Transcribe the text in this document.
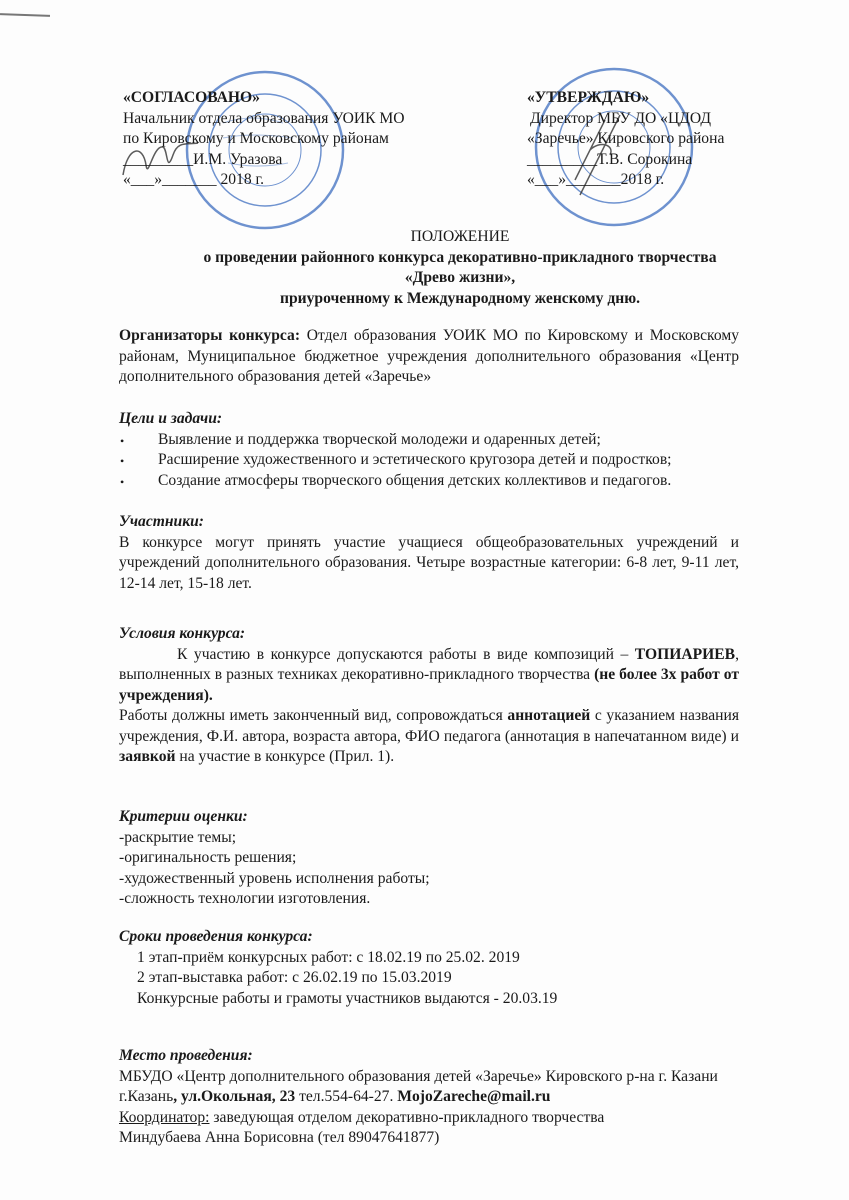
«СОГЛАСОВАНО»
Начальник отдела образования УОИК МО
по Кировскому и Московскому районам
_________И.М. Уразова
«___»_______ 2018 г.
«УТВЕРЖДАЮ»
Директор МБУ ДО «ЦДОД
«Заречье» Кировского района
_________Т.В. Сорокина
«___»_______2018 г.
ПОЛОЖЕНИЕ
о проведении районного конкурса декоративно-прикладного творчества
«Древо жизни»,
приуроченному к Международному женскому дню.
Организаторы конкурса: Отдел образования УОИК МО по Кировскому и Московскому районам, Муниципальное бюджетное учреждения дополнительного образования «Центр дополнительного образования детей «Заречье»
Цели и задачи:
• Выявление и поддержка творческой молодежи и одаренных детей;
• Расширение художественного и эстетического кругозора детей и подростков;
• Создание атмосферы творческого общения детских коллективов и педагогов.
Участники:
В конкурсе могут принять участие учащиеся общеобразовательных учреждений и учреждений дополнительного образования. Четыре возрастные категории: 6-8 лет, 9-11 лет, 12-14 лет, 15-18 лет.
Условия конкурса:
К участию в конкурсе допускаются работы в виде композиций – ТОПИАРИЕВ, выполненных в разных техниках декоративно-прикладного творчества (не более 3х работ от учреждения).
Работы должны иметь законченный вид, сопровождаться аннотацией с указанием названия учреждения, Ф.И. автора, возраста автора, ФИО педагога (аннотация в напечатанном виде) и заявкой на участие в конкурсе (Прил. 1).
Критерии оценки:
-раскрытие темы;
-оригинальность решения;
-художественный уровень исполнения работы;
-сложность технологии изготовления.
Сроки проведения конкурса:
1 этап-приём конкурсных работ: с 18.02.19 по 25.02. 2019
2 этап-выставка работ: с 26.02.19 по 15.03.2019
Конкурсные работы и грамоты участников выдаются - 20.03.19
Место проведения:
МБУДО «Центр дополнительного образования детей «Заречье» Кировского р-на г. Казани
г.Казань, ул.Окольная, 23 тел.554-64-27. MojoZareche@mail.ru
Координатор: заведующая отделом декоративно-прикладного творчества
Миндубаева Анна Борисовна (тел 89047641877)
